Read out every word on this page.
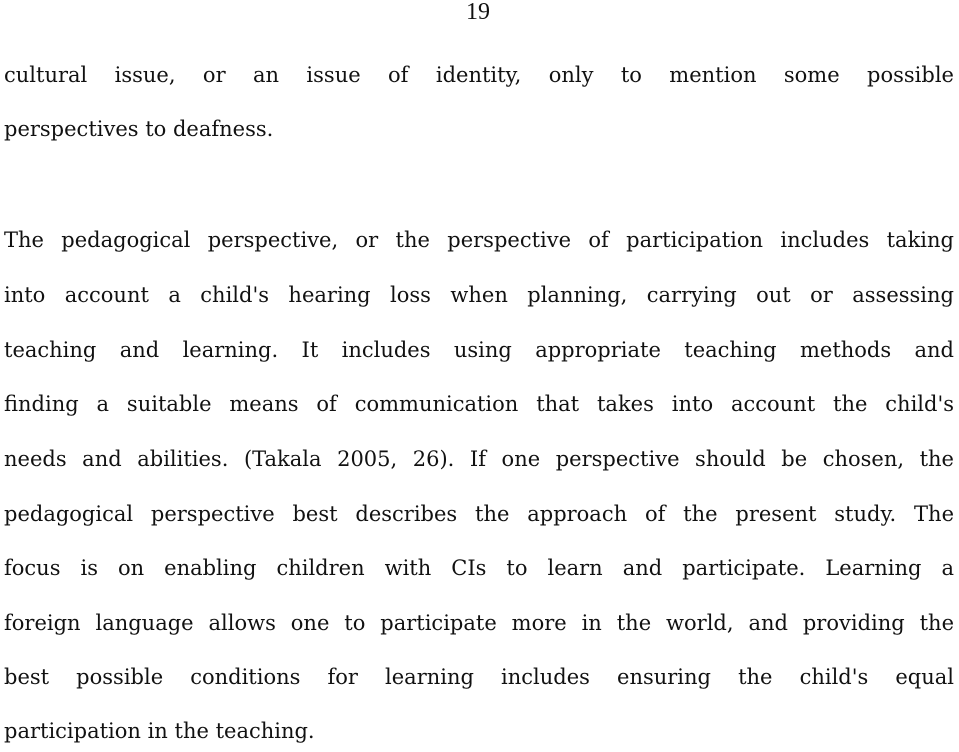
19
cultural issue, or an issue of identity, only to mention some possible
perspectives to deafness.
The pedagogical perspective, or the perspective of participation includes taking
into account a child's hearing loss when planning, carrying out or assessing
teaching and learning. It includes using appropriate teaching methods and
finding a suitable means of communication that takes into account the child's
needs and abilities. (Takala 2005, 26). If one perspective should be chosen, the
pedagogical perspective best describes the approach of the present study. The
focus is on enabling children with CIs to learn and participate. Learning a
foreign language allows one to participate more in the world, and providing the
best possible conditions for learning includes ensuring the child's equal
participation in the teaching.
